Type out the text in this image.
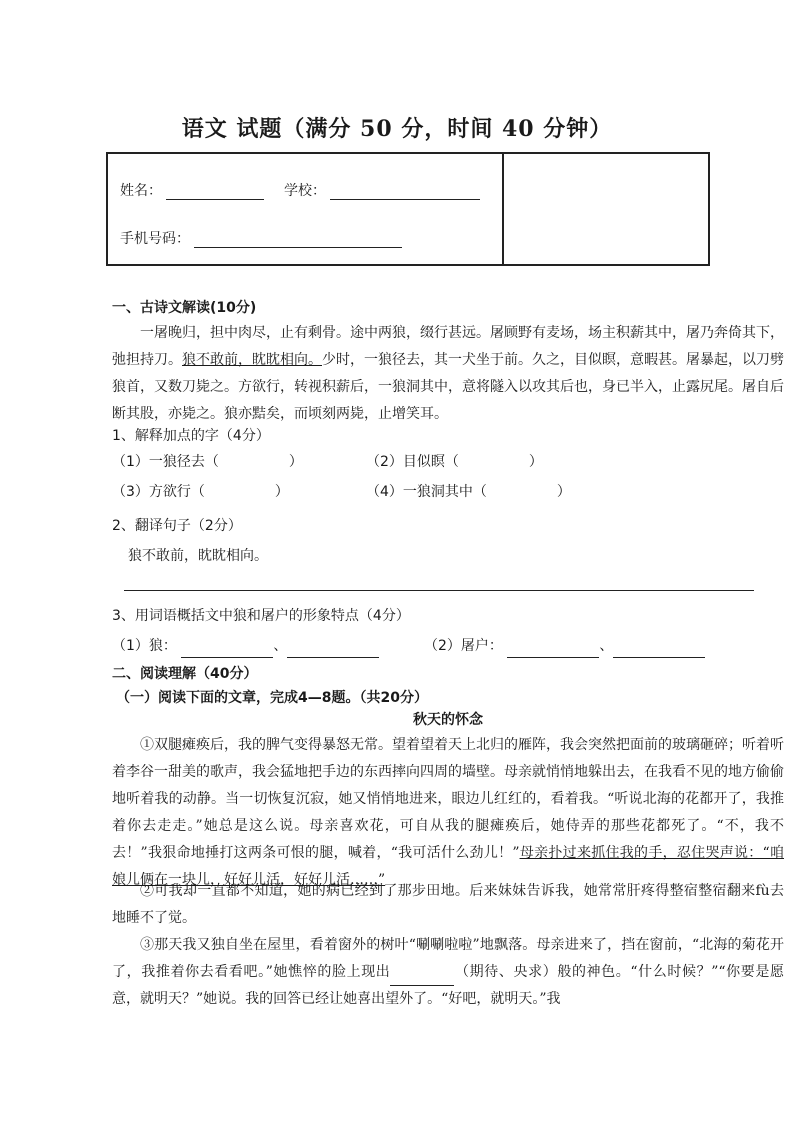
语文 试题（满分 50 分，时间 40 分钟）
姓名：	学校：
手机号码：
一、古诗文解读(10分)
一屠晚归，担中肉尽，止有剩骨。途中两狼，缀行甚远。屠顾野有麦场，场主积薪其中，屠乃奔倚其下，弛担持刀。狼不敢前，眈眈相向。少时，一狼径去，其一犬坐于前。久之，目似瞑，意暇甚。屠暴起，以刀劈狼首，又数刀毙之。方欲行，转视积薪后，一狼洞其中，意将隧入以攻其后也，身已半入，止露尻尾。屠自后断其股，亦毙之。狼亦黠矣，而顷刻两毙，止增笑耳。
1、解释加点的字（4分）
（1）一狼径去（　　　　　）	（2）目似瞑（　　　　　）
（3）方欲行（　　　　　）	（4）一狼洞其中（　　　　　）
2、翻译句子（2分）
狼不敢前，眈眈相向。
3、用词语概括文中狼和屠户的形象特点（4分）
（1）狼：	、	（2）屠户：	、
二、阅读理解（40分）
（一）阅读下面的文章，完成4—8题。（共20分）
秋天的怀念
①双腿瘫痪后，我的脾气变得暴怒无常。望着望着天上北归的雁阵，我会突然把面前的玻璃砸碎；听着听着李谷一甜美的歌声，我会猛地把手边的东西摔向四周的墙壁。母亲就悄悄地躲出去，在我看不见的地方偷偷地听着我的动静。当一切恢复沉寂，她又悄悄地进来，眼边儿红红的，看着我。“听说北海的花都开了，我推着你去走走。”她总是这么说。母亲喜欢花，可自从我的腿瘫痪后，她侍弄的那些花都死了。“不，我不去！”我狠命地捶打这两条可恨的腿，喊着，“我可活什么劲儿！”母亲扑过来抓住我的手，忍住哭声说：“咱娘儿俩在一块儿，好好儿活，好好儿活……”
②可我却一直都不知道，她的病已经到了那步田地。后来妹妹告诉我，她常常肝疼得整宿整宿翻来fù去地睡不了觉。
③那天我又独自坐在屋里，看着窗外的树叶“唰唰啦啦”地飘落。母亲进来了，挡在窗前，“北海的菊花开了，我推着你去看看吧。”她憔悴的脸上现出	（期待、央求）般的神色。“什么时候？”“你要是愿意，就明天？”她说。我的回答已经让她喜出望外了。“好吧，就明天。”我
